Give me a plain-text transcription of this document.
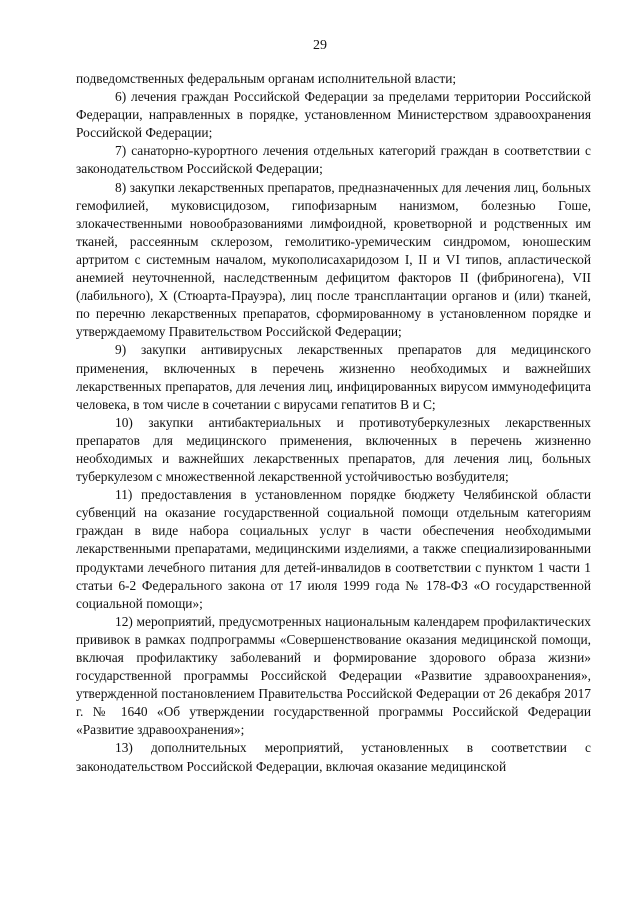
29

подведомственных федеральным органам исполнительной власти;

6) лечения граждан Российской Федерации за пределами территории Российской Федерации, направленных в порядке, установленном Министерством здравоохранения Российской Федерации;

7) санаторно-курортного лечения отдельных категорий граждан в соответствии с законодательством Российской Федерации;

8) закупки лекарственных препаратов, предназначенных для лечения лиц, больных гемофилией, муковисцидозом, гипофизарным нанизмом, болезнью Гоше, злокачественными новообразованиями лимфоидной, кроветворной и родственных им тканей, рассеянным склерозом, гемолитико-уремическим синдромом, юношеским артритом с системным началом, мукополисахаридозом I, II и VI типов, апластической анемией неуточненной, наследственным дефицитом факторов II (фибриногена), VII (лабильного), X (Стюарта-Прауэра), лиц после трансплантации органов и (или) тканей, по перечню лекарственных препаратов, сформированному в установленном порядке и утверждаемому Правительством Российской Федерации;

9) закупки антивирусных лекарственных препаратов для медицинского применения, включенных в перечень жизненно необходимых и важнейших лекарственных препаратов, для лечения лиц, инфицированных вирусом иммунодефицита человека, в том числе в сочетании с вирусами гепатитов В и С;

10) закупки антибактериальных и противотуберкулезных лекарственных препаратов для медицинского применения, включенных в перечень жизненно необходимых и важнейших лекарственных препаратов, для лечения лиц, больных туберкулезом с множественной лекарственной устойчивостью возбудителя;

11) предоставления в установленном порядке бюджету Челябинской области субвенций на оказание государственной социальной помощи отдельным категориям граждан в виде набора социальных услуг в части обеспечения необходимыми лекарственными препаратами, медицинскими изделиями, а также специализированными продуктами лечебного питания для детей-инвалидов в соответствии с пунктом 1 части 1 статьи 6-2 Федерального закона от 17 июля 1999 года № 178-ФЗ «О государственной социальной помощи»;

12) мероприятий, предусмотренных национальным календарем профилактических прививок в рамках подпрограммы «Совершенствование оказания медицинской помощи, включая профилактику заболеваний и формирование здорового образа жизни» государственной программы Российской Федерации «Развитие здравоохранения», утвержденной постановлением Правительства Российской Федерации от 26 декабря 2017 г. № 1640 «Об утверждении государственной программы Российской Федерации «Развитие здравоохранения»;

13) дополнительных мероприятий, установленных в соответствии с законодательством Российской Федерации, включая оказание медицинской
